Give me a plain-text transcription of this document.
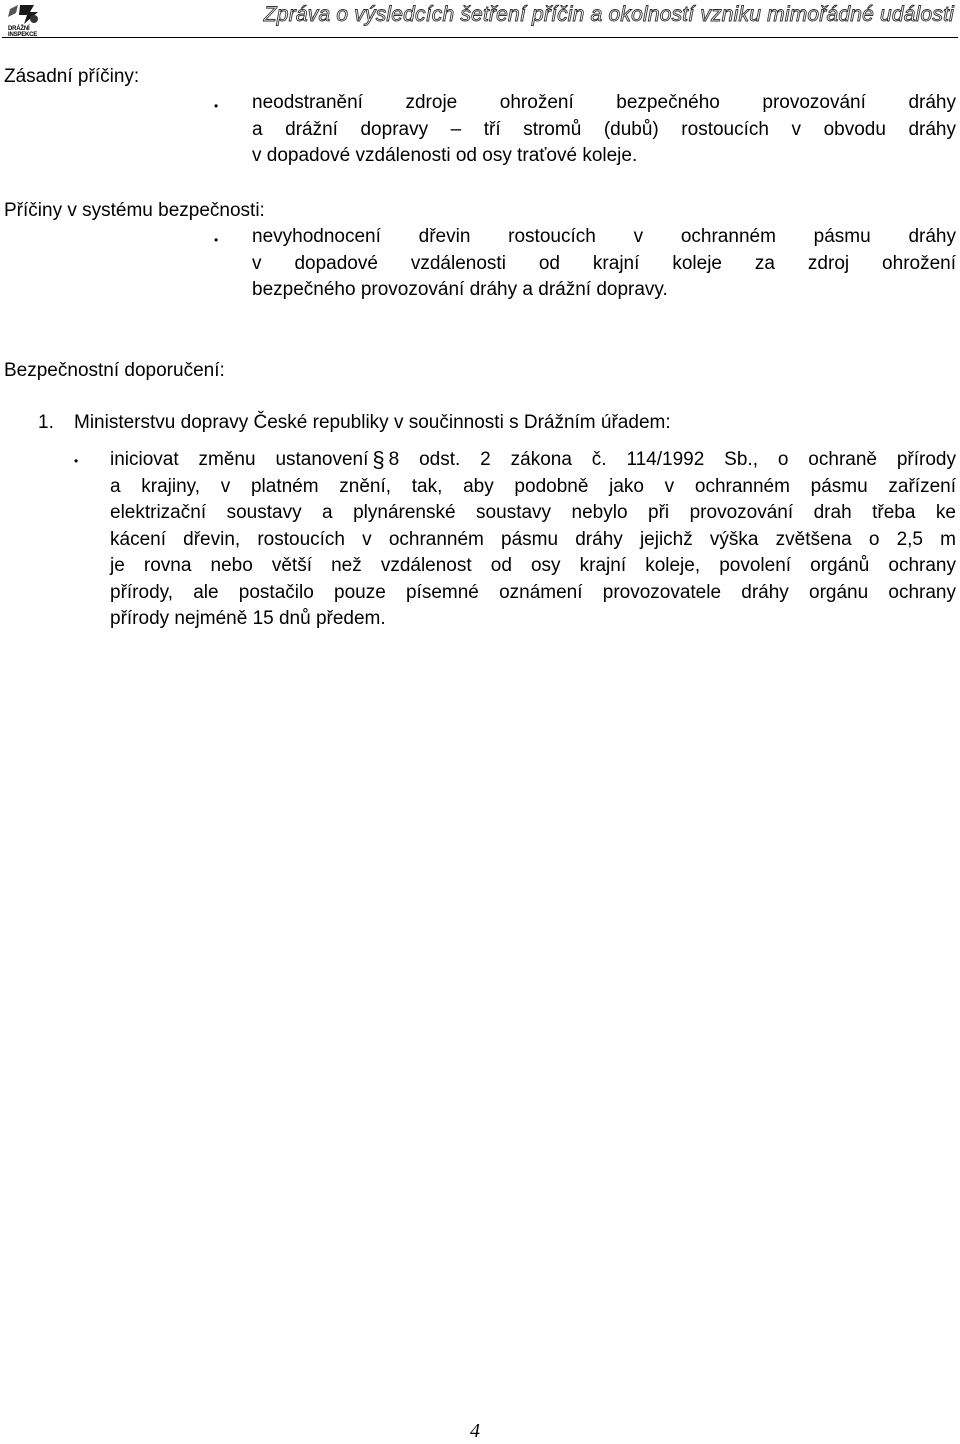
DRÁŽNÍ
INSPEKCE
Zpráva o výsledcích šetření příčin a okolností vzniku mimořádné události
Zásadní příčiny:
• neodstranění zdroje ohrožení bezpečného provozování dráhy
a drážní dopravy – tří stromů (dubů) rostoucích v obvodu dráhy
v dopadové vzdálenosti od osy traťové koleje.
Příčiny v systému bezpečnosti:
• nevyhodnocení dřevin rostoucích v ochranném pásmu dráhy
v dopadové vzdálenosti od krajní koleje za zdroj ohrožení
bezpečného provozování dráhy a drážní dopravy.
Bezpečnostní doporučení:
1. Ministerstvu dopravy České republiky v součinnosti s Drážním úřadem:
• iniciovat změnu ustanovení § 8 odst. 2 zákona č. 114/1992 Sb., o ochraně přírody
a krajiny, v platném znění, tak, aby podobně jako v ochranném pásmu zařízení
elektrizační soustavy a plynárenské soustavy nebylo při provozování drah třeba ke
kácení dřevin, rostoucích v ochranném pásmu dráhy jejichž výška zvětšena o 2,5 m
je rovna nebo větší než vzdálenost od osy krajní koleje, povolení orgánů ochrany
přírody, ale postačilo pouze písemné oznámení provozovatele dráhy orgánu ochrany
přírody nejméně 15 dnů předem.
4
